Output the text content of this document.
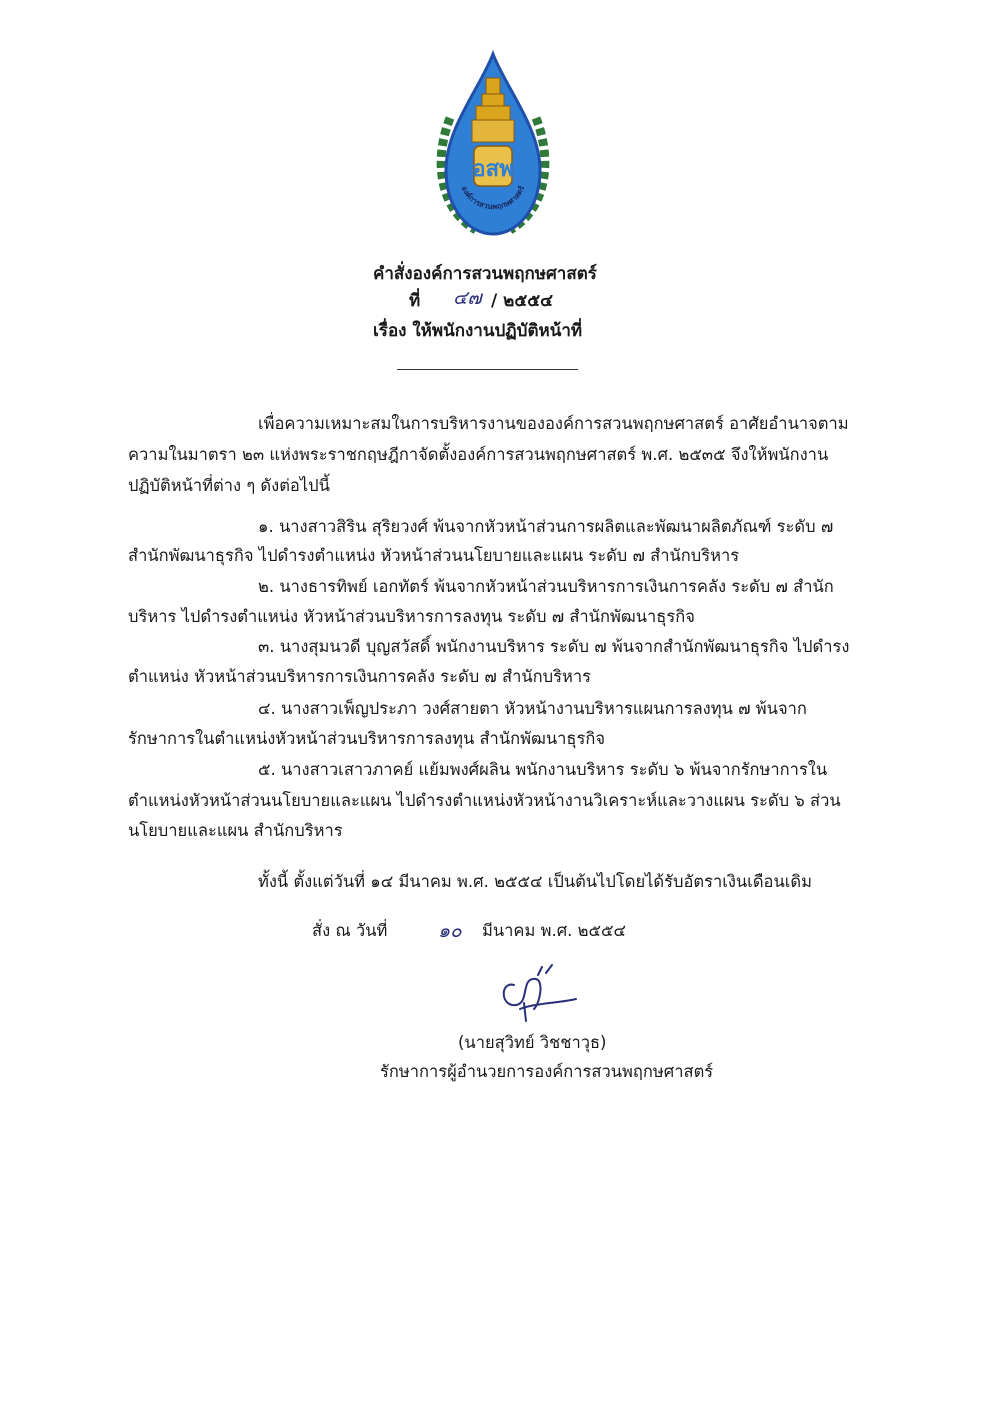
อสพ
องค์การสวนพฤกษศาสตร์
คำสั่งองค์การสวนพฤกษศาสตร์
ที่ ๔๗ / ๒๕๕๔
เรื่อง ให้พนักงานปฏิบัติหน้าที่
เพื่อความเหมาะสมในการบริหารงานขององค์การสวนพฤกษศาสตร์ อาศัยอำนาจตาม
ความในมาตรา ๒๓ แห่งพระราชกฤษฎีกาจัดตั้งองค์การสวนพฤกษศาสตร์ พ.ศ. ๒๕๓๕ จึงให้พนักงาน
ปฏิบัติหน้าที่ต่าง ๆ ดังต่อไปนี้
๑. นางสาวสิริน สุริยวงศ์ พ้นจากหัวหน้าส่วนการผลิตและพัฒนาผลิตภัณฑ์ ระดับ ๗
สำนักพัฒนาธุรกิจ ไปดำรงตำแหน่ง หัวหน้าส่วนนโยบายและแผน ระดับ ๗ สำนักบริหาร
๒. นางธารทิพย์ เอกทัตร์ พ้นจากหัวหน้าส่วนบริหารการเงินการคลัง ระดับ ๗ สำนัก
บริหาร ไปดำรงตำแหน่ง หัวหน้าส่วนบริหารการลงทุน ระดับ ๗ สำนักพัฒนาธุรกิจ
๓. นางสุมนวดี บุญสวัสดิ์ พนักงานบริหาร ระดับ ๗ พ้นจากสำนักพัฒนาธุรกิจ ไปดำรง
ตำแหน่ง หัวหน้าส่วนบริหารการเงินการคลัง ระดับ ๗ สำนักบริหาร
๔. นางสาวเพ็ญประภา วงศ์สายตา หัวหน้างานบริหารแผนการลงทุน ๗ พ้นจาก
รักษาการในตำแหน่งหัวหน้าส่วนบริหารการลงทุน สำนักพัฒนาธุรกิจ
๕. นางสาวเสาวภาคย์ แย้มพงศ์ผลิน พนักงานบริหาร ระดับ ๖ พ้นจากรักษาการใน
ตำแหน่งหัวหน้าส่วนนโยบายและแผน ไปดำรงตำแหน่งหัวหน้างานวิเคราะห์และวางแผน ระดับ ๖ ส่วน
นโยบายและแผน สำนักบริหาร
ทั้งนี้ ตั้งแต่วันที่ ๑๔ มีนาคม พ.ศ. ๒๕๕๔ เป็นต้นไปโดยได้รับอัตราเงินเดือนเดิม
สั่ง ณ วันที่	๑๐ มีนาคม พ.ศ. ๒๕๕๔
(นายสุวิทย์ วิชชาวุธ)
รักษาการผู้อำนวยการองค์การสวนพฤกษศาสตร์
